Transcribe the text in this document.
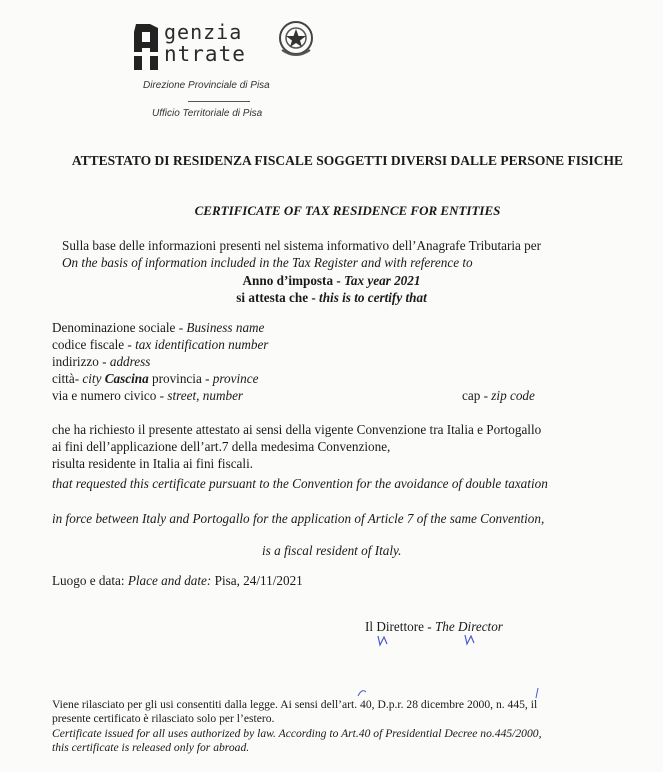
genzia
ntrate
Direzione Provinciale di Pisa
Ufficio Territoriale di Pisa
ATTESTATO DI RESIDENZA FISCALE SOGGETTI DIVERSI DALLE PERSONE FISICHE
CERTIFICATE OF TAX RESIDENCE FOR ENTITIES
Sulla base delle informazioni presenti nel sistema informativo dell’Anagrafe Tributaria per
On the basis of information included in the Tax Register and with reference to
Anno d’imposta - Tax year 2021
si attesta che - this is to certify that
Denominazione sociale - Business name
codice fiscale - tax identification number
indirizzo - address
città- city Cascina provincia - province
via e numero civico - street, number	cap - zip code
che ha richiesto il presente attestato ai sensi della vigente Convenzione tra Italia e Portogallo
ai fini dell’applicazione dell’art.7 della medesima Convenzione,
risulta residente in Italia ai fini fiscali.
that requested this certificate pursuant to the Convention for the avoidance of double taxation
in force between Italy and Portogallo for the application of Article 7 of the same Convention,
is a fiscal resident of Italy.
Luogo e data: Place and date: Pisa, 24/11/2021
Il Direttore - The Director
Viene rilasciato per gli usi consentiti dalla legge. Ai sensi dell’art. 40, D.p.r. 28 dicembre 2000, n. 445, il
presente certificato è rilasciato solo per l’estero.
Certificate issued for all uses authorized by law. According to Art.40 of Presidential Decree no.445/2000,
this certificate is released only for abroad.
